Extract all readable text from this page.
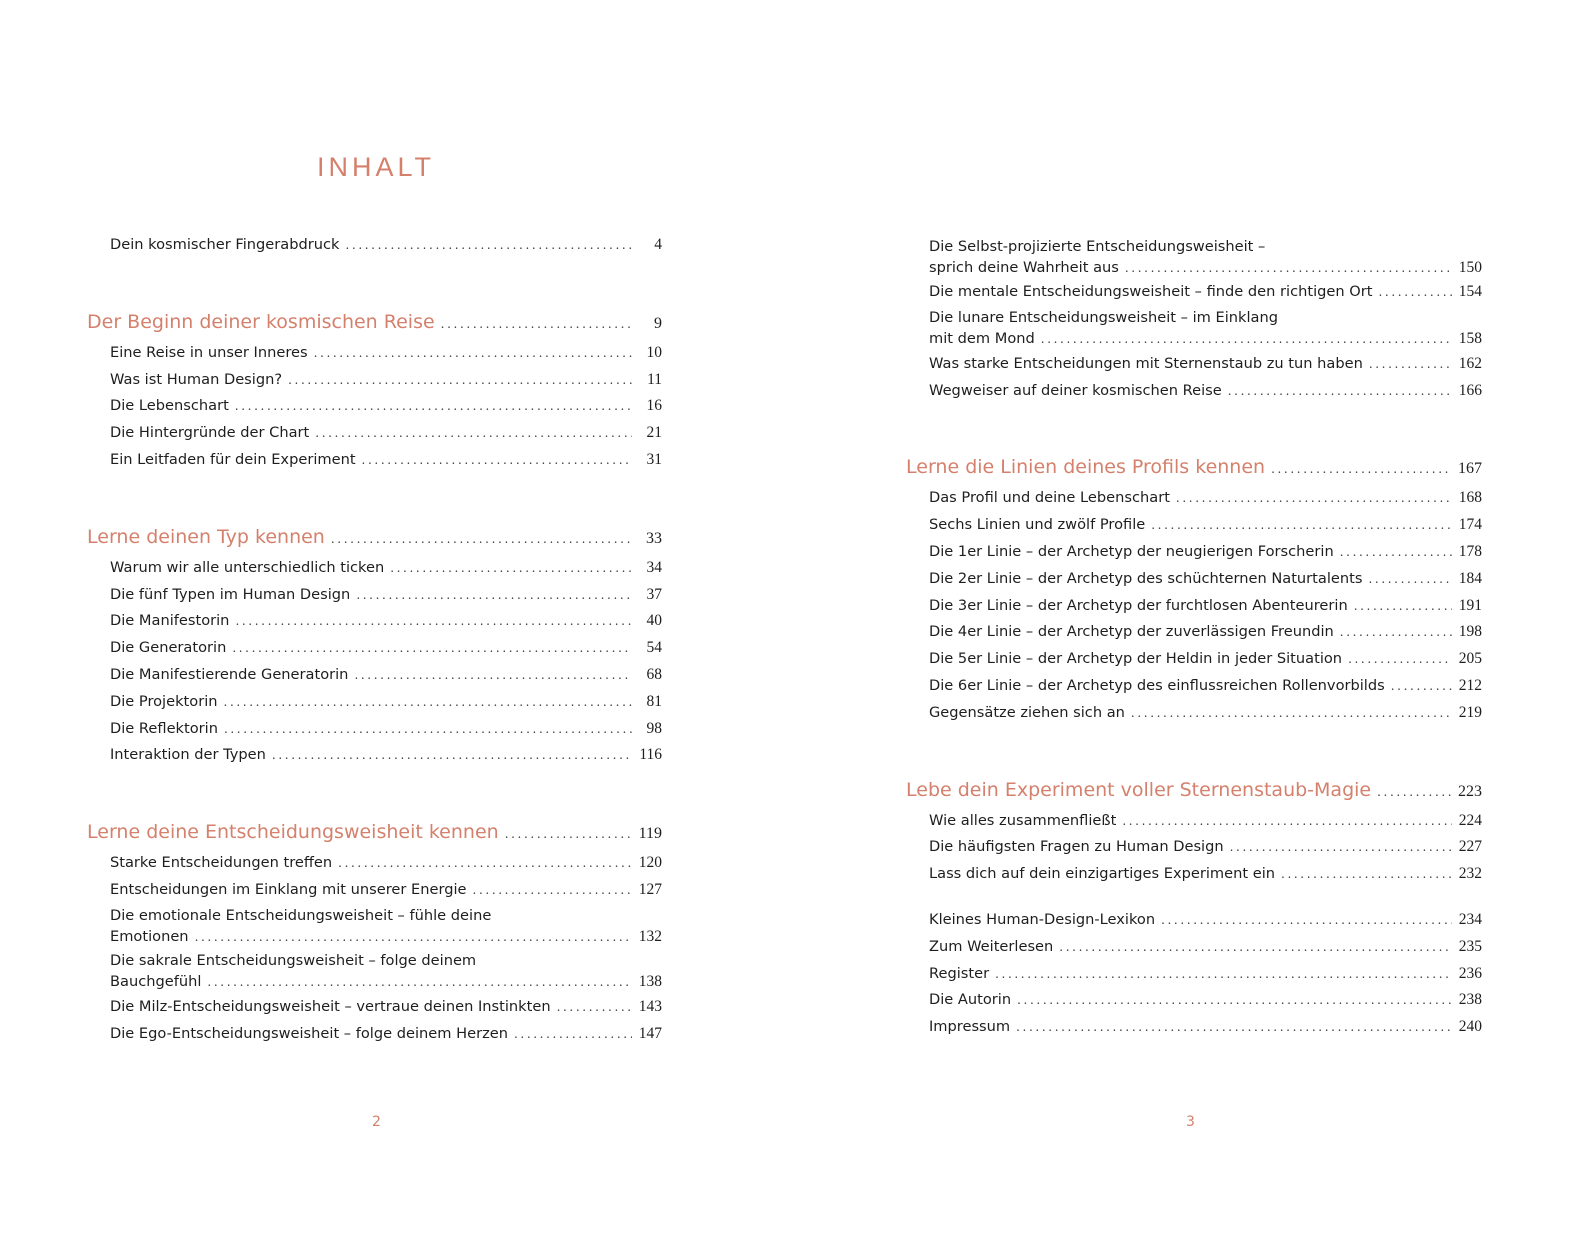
INHALT
Dein kosmischer Fingerabdruck . . .	4
Der Beginn deiner kosmischen Reise . . .	9
Eine Reise in unser Inneres . . .	10
Was ist Human Design? . . .	11
Die Lebenschart . . .	16
Die Hintergründe der Chart . . .	21
Ein Leitfaden für dein Experiment . . .	31
Lerne deinen Typ kennen . . .	33
Warum wir alle unterschiedlich ticken . . .	34
Die fünf Typen im Human Design . . .	37
Die Manifestorin . . .	40
Die Generatorin . . .	54
Die Manifestierende Generatorin . . .	68
Die Projektorin . . .	81
Die Reflektorin . . .	98
Interaktion der Typen . . .	116
Lerne deine Entscheidungsweisheit kennen . . .	119
Starke Entscheidungen treffen . . .	120
Entscheidungen im Einklang mit unserer Energie . . .	127
Die emotionale Entscheidungsweisheit – fühle deine
Emotionen . . .	132
Die sakrale Entscheidungsweisheit – folge deinem
Bauchgefühl . . .	138
Die Milz-Entscheidungsweisheit – vertraue deinen Instinkten . . .	143
Die Ego-Entscheidungsweisheit – folge deinem Herzen . . .	147
2
Die Selbst-projizierte Entscheidungsweisheit –
sprich deine Wahrheit aus . . .	150
Die mentale Entscheidungsweisheit – finde den richtigen Ort . . .	154
Die lunare Entscheidungsweisheit – im Einklang
mit dem Mond . . .	158
Was starke Entscheidungen mit Sternenstaub zu tun haben . . .	162
Wegweiser auf deiner kosmischen Reise . . .	166
Lerne die Linien deines Profils kennen . . .	167
Das Profil und deine Lebenschart . . .	168
Sechs Linien und zwölf Profile . . .	174
Die 1er Linie – der Archetyp der neugierigen Forscherin . . .	178
Die 2er Linie – der Archetyp des schüchternen Naturtalents . . .	184
Die 3er Linie – der Archetyp der furchtlosen Abenteurerin . . .	191
Die 4er Linie – der Archetyp der zuverlässigen Freundin . . .	198
Die 5er Linie – der Archetyp der Heldin in jeder Situation . . .	205
Die 6er Linie – der Archetyp des einflussreichen Rollenvorbilds . . .	212
Gegensätze ziehen sich an . . .	219
Lebe dein Experiment voller Sternenstaub-Magie . . .	223
Wie alles zusammenfließt . . .	224
Die häufigsten Fragen zu Human Design . . .	227
Lass dich auf dein einzigartiges Experiment ein . . .	232
Kleines Human-Design-Lexikon . . .	234
Zum Weiterlesen . . .	235
Register . . .	236
Die Autorin . . .	238
Impressum . . .	240
3
